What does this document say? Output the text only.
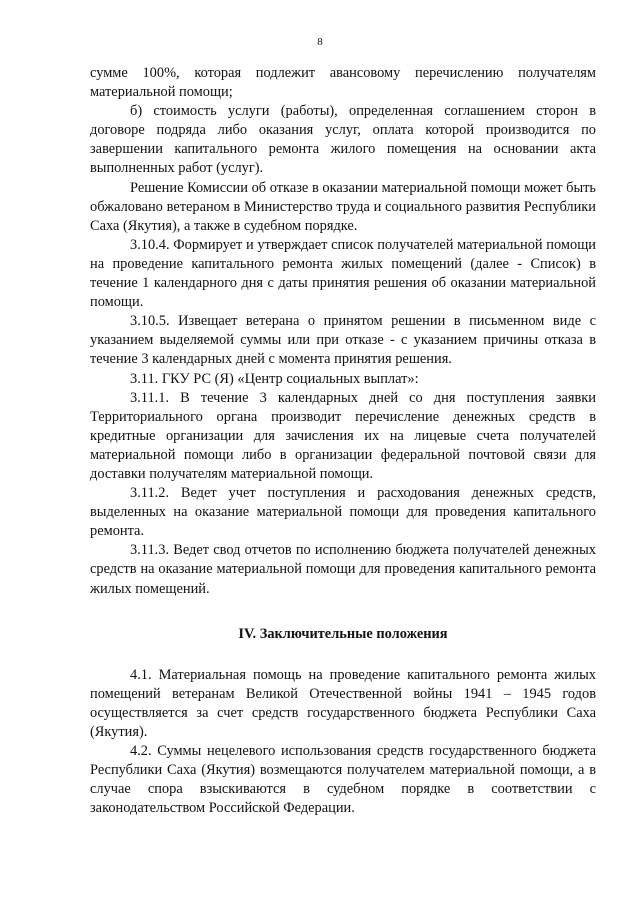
8

сумме 100%, которая подлежит авансовому перечислению получателям материальной помощи;

б) стоимость услуги (работы), определенная соглашением сторон в договоре подряда либо оказания услуг, оплата которой производится по завершении капитального ремонта жилого помещения на основании акта выполненных работ (услуг).

Решение Комиссии об отказе в оказании материальной помощи может быть обжаловано ветераном в Министерство труда и социального развития Республики Саха (Якутия), а также в судебном порядке.

3.10.4. Формирует и утверждает список получателей материальной помощи на проведение капитального ремонта жилых помещений (далее - Список) в течение 1 календарного дня с даты принятия решения об оказании материальной помощи.

3.10.5. Извещает ветерана о принятом решении в письменном виде с указанием выделяемой суммы или при отказе - с указанием причины отказа в течение 3 календарных дней с момента принятия решения.

3.11. ГКУ РС (Я) «Центр социальных выплат»:

3.11.1. В течение 3 календарных дней со дня поступления заявки Территориального органа производит перечисление денежных средств в кредитные организации для зачисления их на лицевые счета получателей материальной помощи либо в организации федеральной почтовой связи для доставки получателям материальной помощи.

3.11.2. Ведет учет поступления и расходования денежных средств, выделенных на оказание материальной помощи для проведения капитального ремонта.

3.11.3. Ведет свод отчетов по исполнению бюджета получателей денежных средств на оказание материальной помощи для проведения капитального ремонта жилых помещений.

IV. Заключительные положения

4.1. Материальная помощь на проведение капитального ремонта жилых помещений ветеранам Великой Отечественной войны 1941 – 1945 годов осуществляется за счет средств государственного бюджета Республики Саха (Якутия).

4.2. Суммы нецелевого использования средств государственного бюджета Республики Саха (Якутия) возмещаются получателем материальной помощи, а в случае спора взыскиваются в судебном порядке в соответствии с законодательством Российской Федерации.
